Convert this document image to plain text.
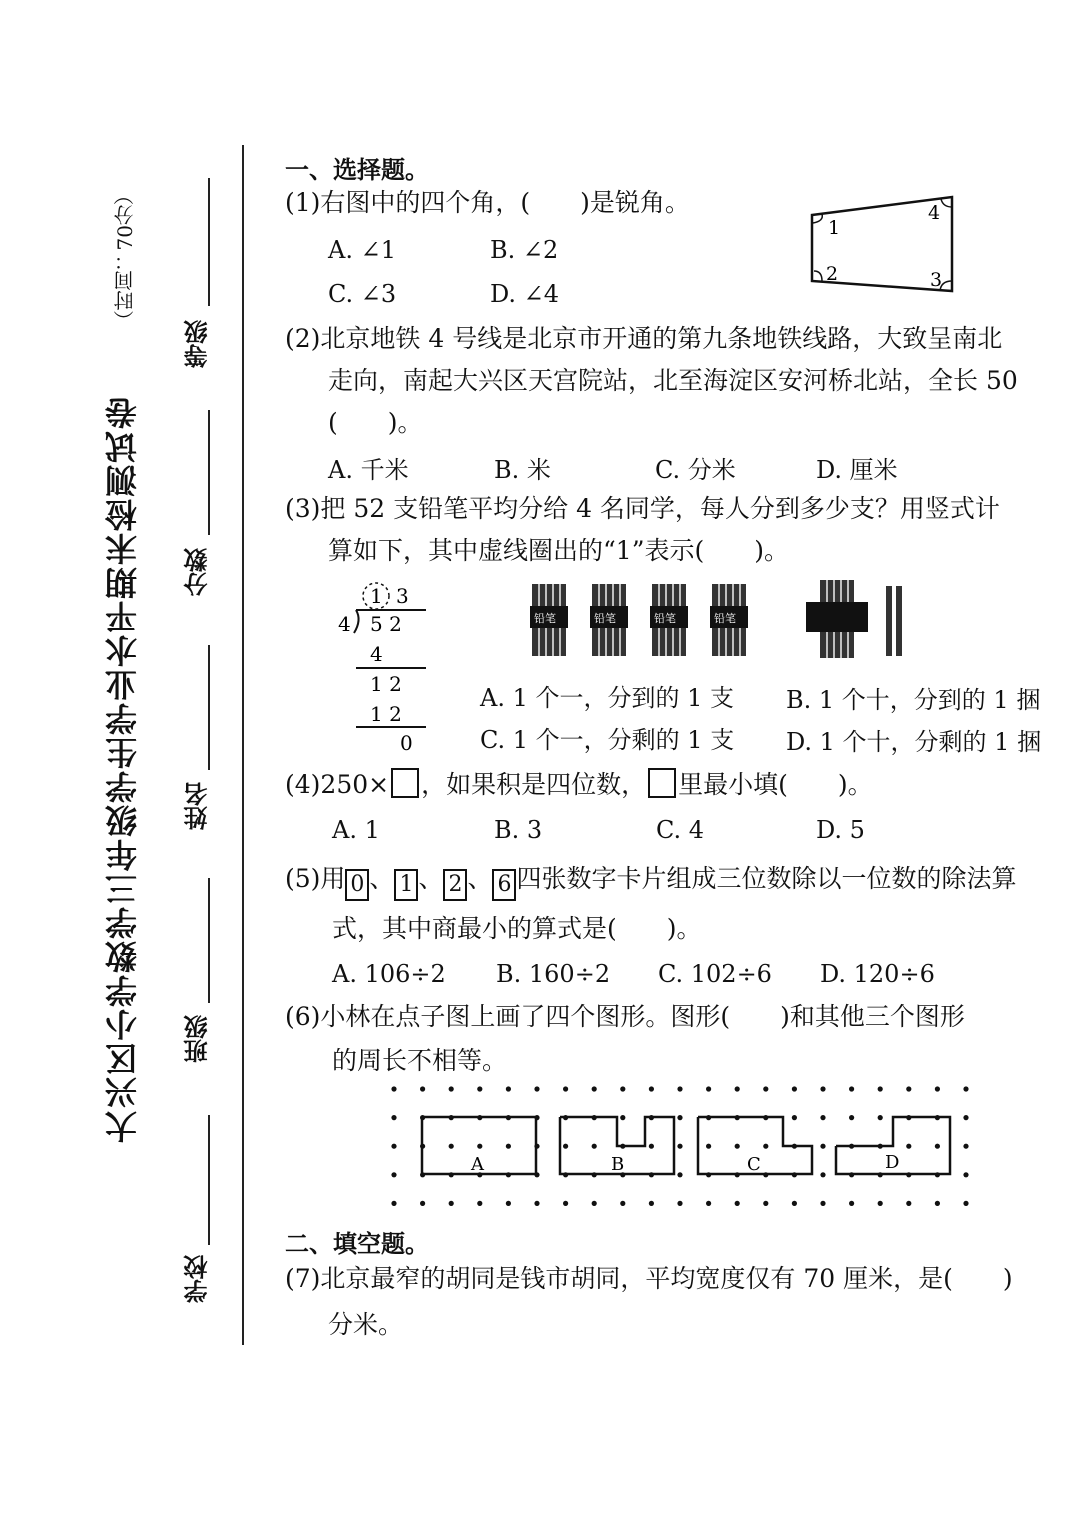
大兴区小学数学三年级学生学业水平期末检测试卷
（时间：70分）
等级
分数
姓名
班级
学校
一、选择题。
(1)右图中的四个角，(　　)是锐角。
A. ∠1	B. ∠2
C. ∠3	D. ∠4
1
2	3
4
(2)北京地铁 4 号线是北京市开通的第九条地铁线路，大致呈南北
走向，南起大兴区天宫院站，北至海淀区安河桥北站，全长 50
(　　)。
A. 千米	B. 米	C. 分米	D. 厘米
(3)把 52 支铅笔平均分给 4 名同学，每人分到多少支？用竖式计
算如下，其中虚线圈出的“1”表示(　　)。
1 3
4 5 2
4
1 2
1 2
0
铅笔	铅笔	铅笔	铅笔
A. 1 个一，分到的 1 支 B. 1 个十，分到的 1 捆
C. 1 个一，分剩的 1 支 D. 1 个十，分剩的 1 捆
(4)250× ，如果积是四位数， 里最小填(　　)。
A. 1	B. 3	C. 4	D. 5
(5)用 0 、 1 、 2 、 6 四张数字卡片组成三位数除以一位数的除法算
式，其中商最小的算式是(　　)。
A. 106÷2 B. 160÷2 C. 102÷6 D. 120÷6
(6)小林在点子图上画了四个图形。图形(　　)和其他三个图形
的周长不相等。
A	B	C	D
二、填空题。
(7)北京最窄的胡同是钱市胡同，平均宽度仅有 70 厘米，是(　　)
分米。
